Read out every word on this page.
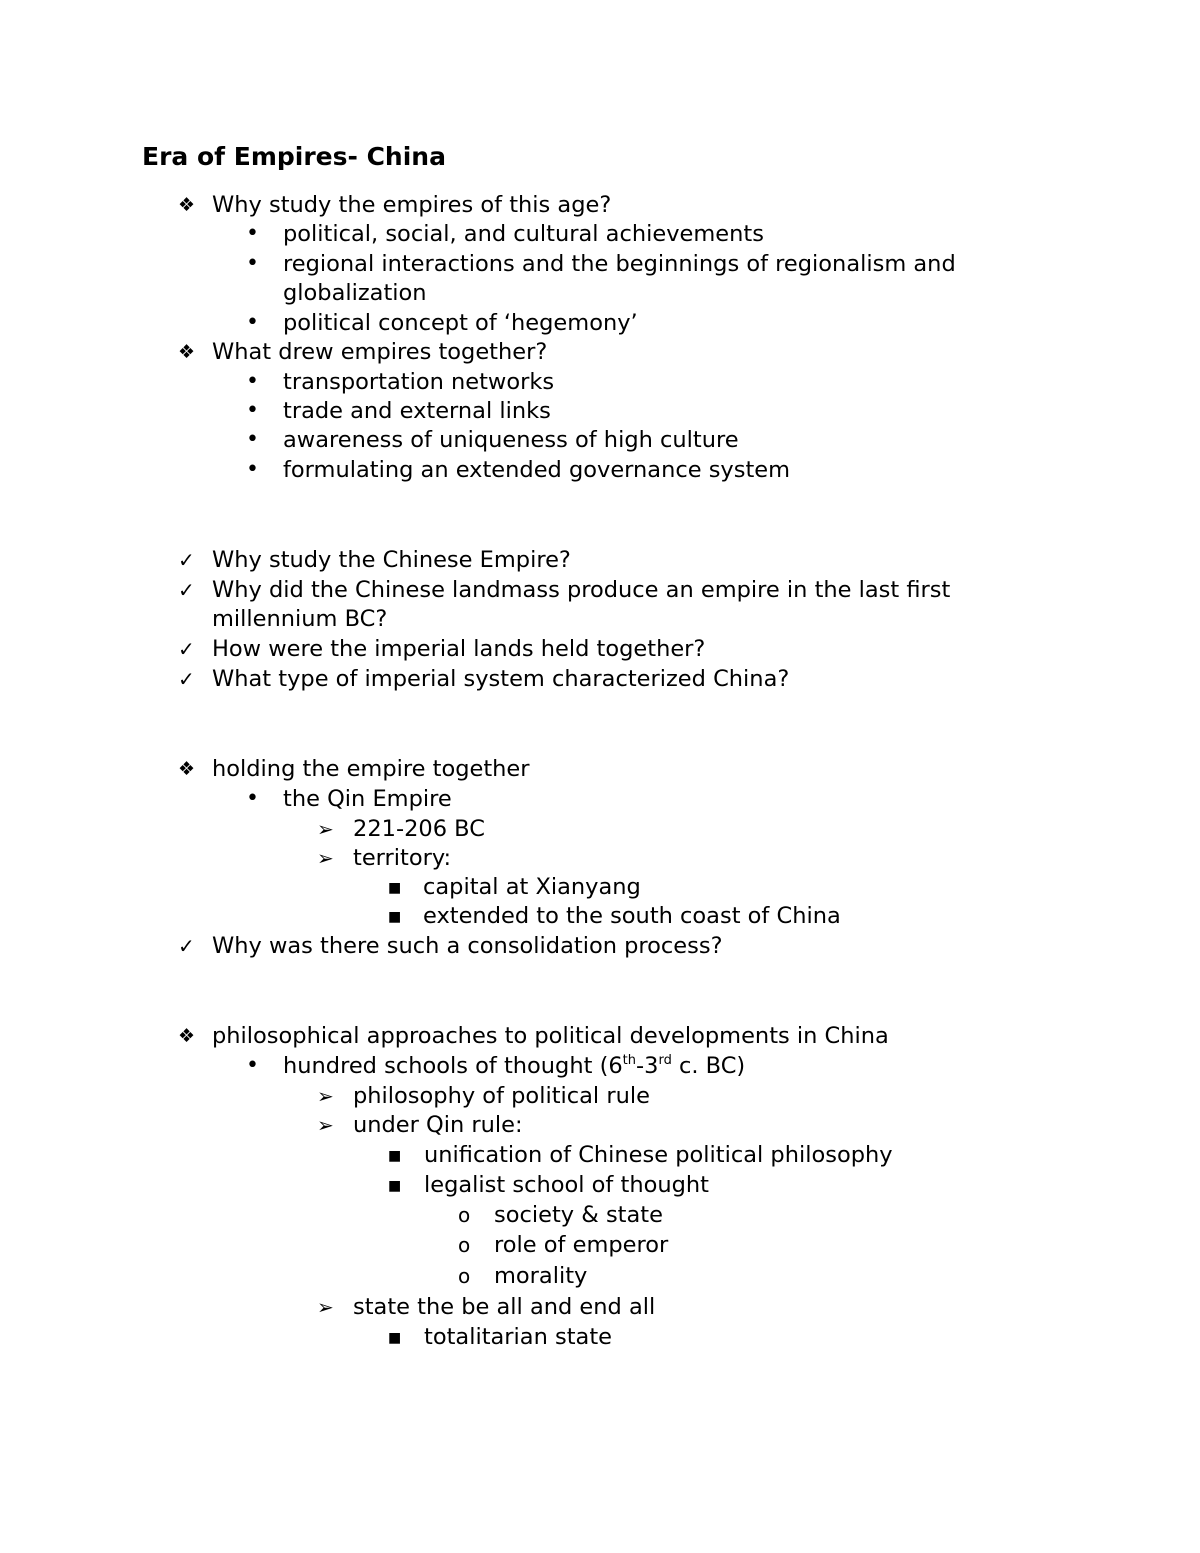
Era of Empires- China
❖ Why study the empires of this age?
• political, social, and cultural achievements
• regional interactions and the beginnings of regionalism and
globalization
• political concept of ‘hegemony’
❖ What drew empires together?
• transportation networks
• trade and external links
• awareness of uniqueness of high culture
• formulating an extended governance system
✓ Why study the Chinese Empire?
✓ Why did the Chinese landmass produce an empire in the last first
millennium BC?
✓ How were the imperial lands held together?
✓ What type of imperial system characterized China?
❖ holding the empire together
• the Qin Empire
➢ 221-206 BC
➢ territory:
■ capital at Xianyang
■ extended to the south coast of China
✓ Why was there such a consolidation process?
❖ philosophical approaches to political developments in China
• hundred schools of thought (6th-3rd c. BC)
➢ philosophy of political rule
➢ under Qin rule:
■ unification of Chinese political philosophy
■ legalist school of thought
o society & state
o role of emperor
o morality
➢ state the be all and end all
■ totalitarian state
